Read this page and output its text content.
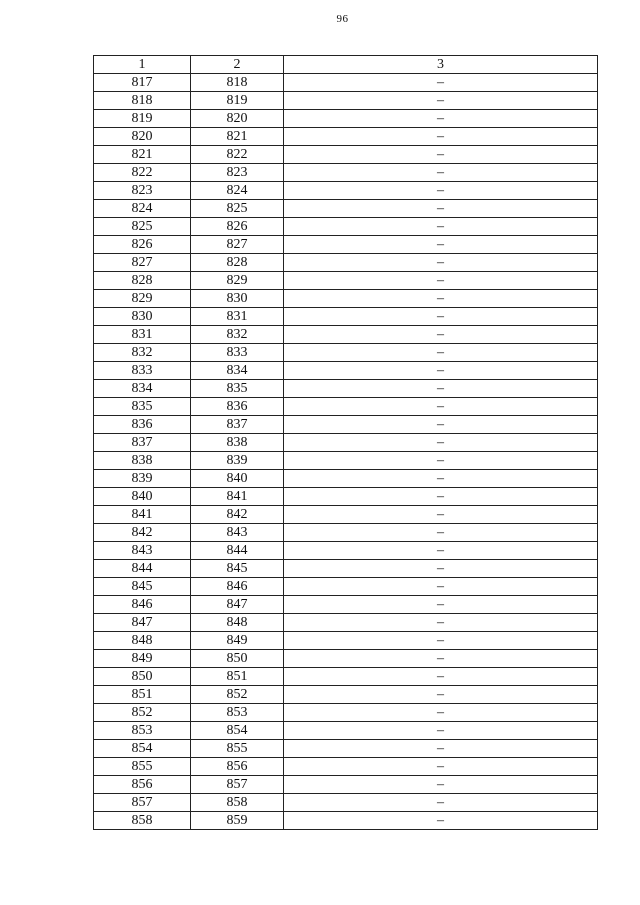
96
1	2	3
817	818	–
818	819	–
819	820	–
820	821	–
821	822	–
822	823	–
823	824	–
824	825	–
825	826	–
826	827	–
827	828	–
828	829	–
829	830	–
830	831	–
831	832	–
832	833	–
833	834	–
834	835	–
835	836	–
836	837	–
837	838	–
838	839	–
839	840	–
840	841	–
841	842	–
842	843	–
843	844	–
844	845	–
845	846	–
846	847	–
847	848	–
848	849	–
849	850	–
850	851	–
851	852	–
852	853	–
853	854	–
854	855	–
855	856	–
856	857	–
857	858	–
858	859	–
